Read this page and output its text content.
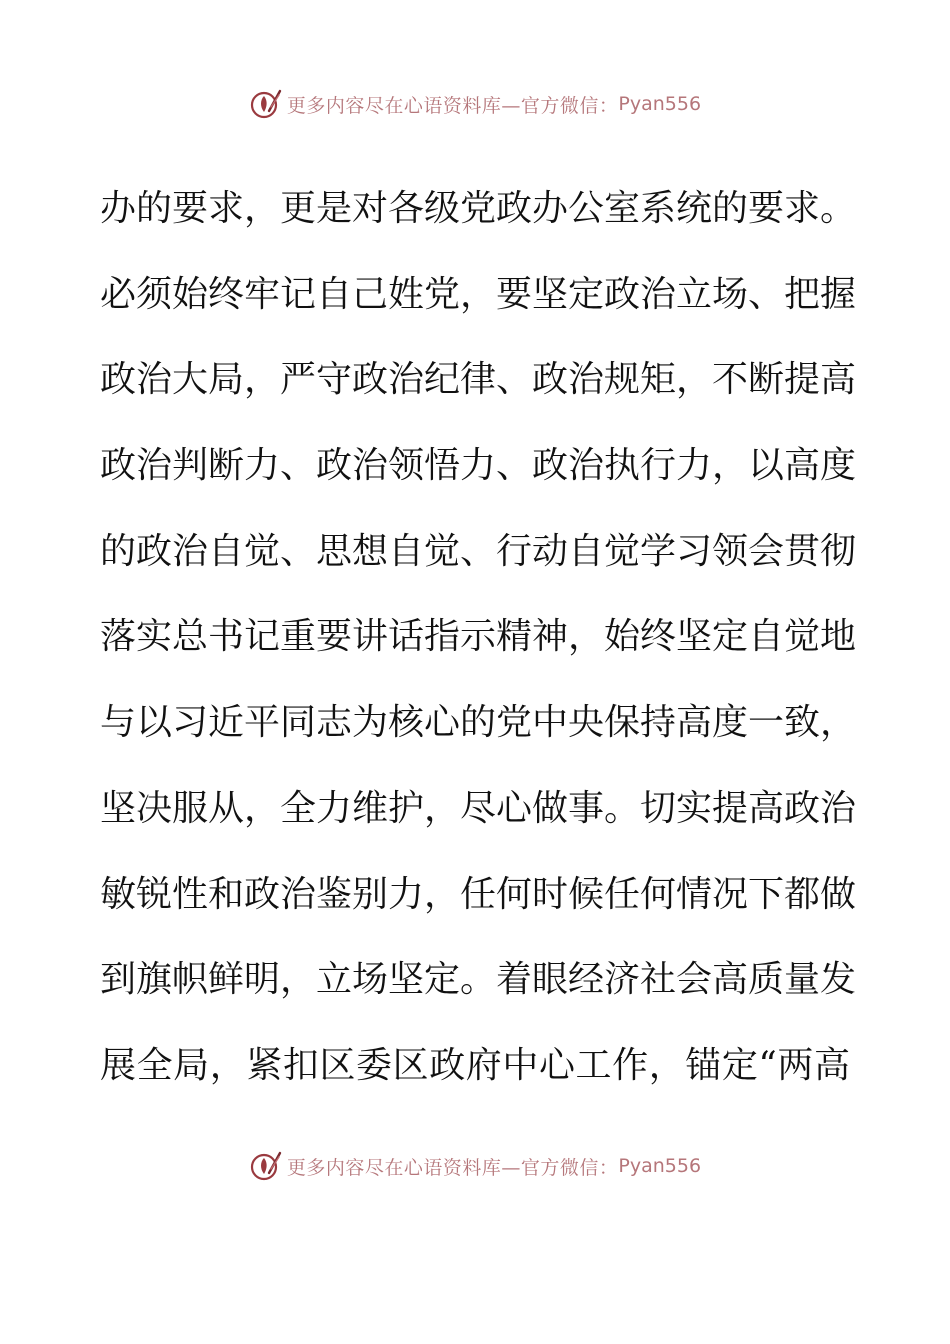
更多内容尽在心语资料库—官方微信： Pyan556
办的要求，更是对各级党政办公室系统的要求。
必须始终牢记自己姓党，要坚定政治立场、把握
政治大局，严守政治纪律、政治规矩，不断提高
政治判断力、政治领悟力、政治执行力，以高度
的政治自觉、思想自觉、行动自觉学习领会贯彻
落实总书记重要讲话指示精神，始终坚定自觉地
与以习近平同志为核心的党中央保持高度一致，
坚决服从，全力维护，尽心做事。切实提高政治
敏锐性和政治鉴别力，任何时候任何情况下都做
到旗帜鲜明，立场坚定。着眼经济社会高质量发
展全局，紧扣区委区政府中心工作，锚定“两高
更多内容尽在心语资料库—官方微信： Pyan556
